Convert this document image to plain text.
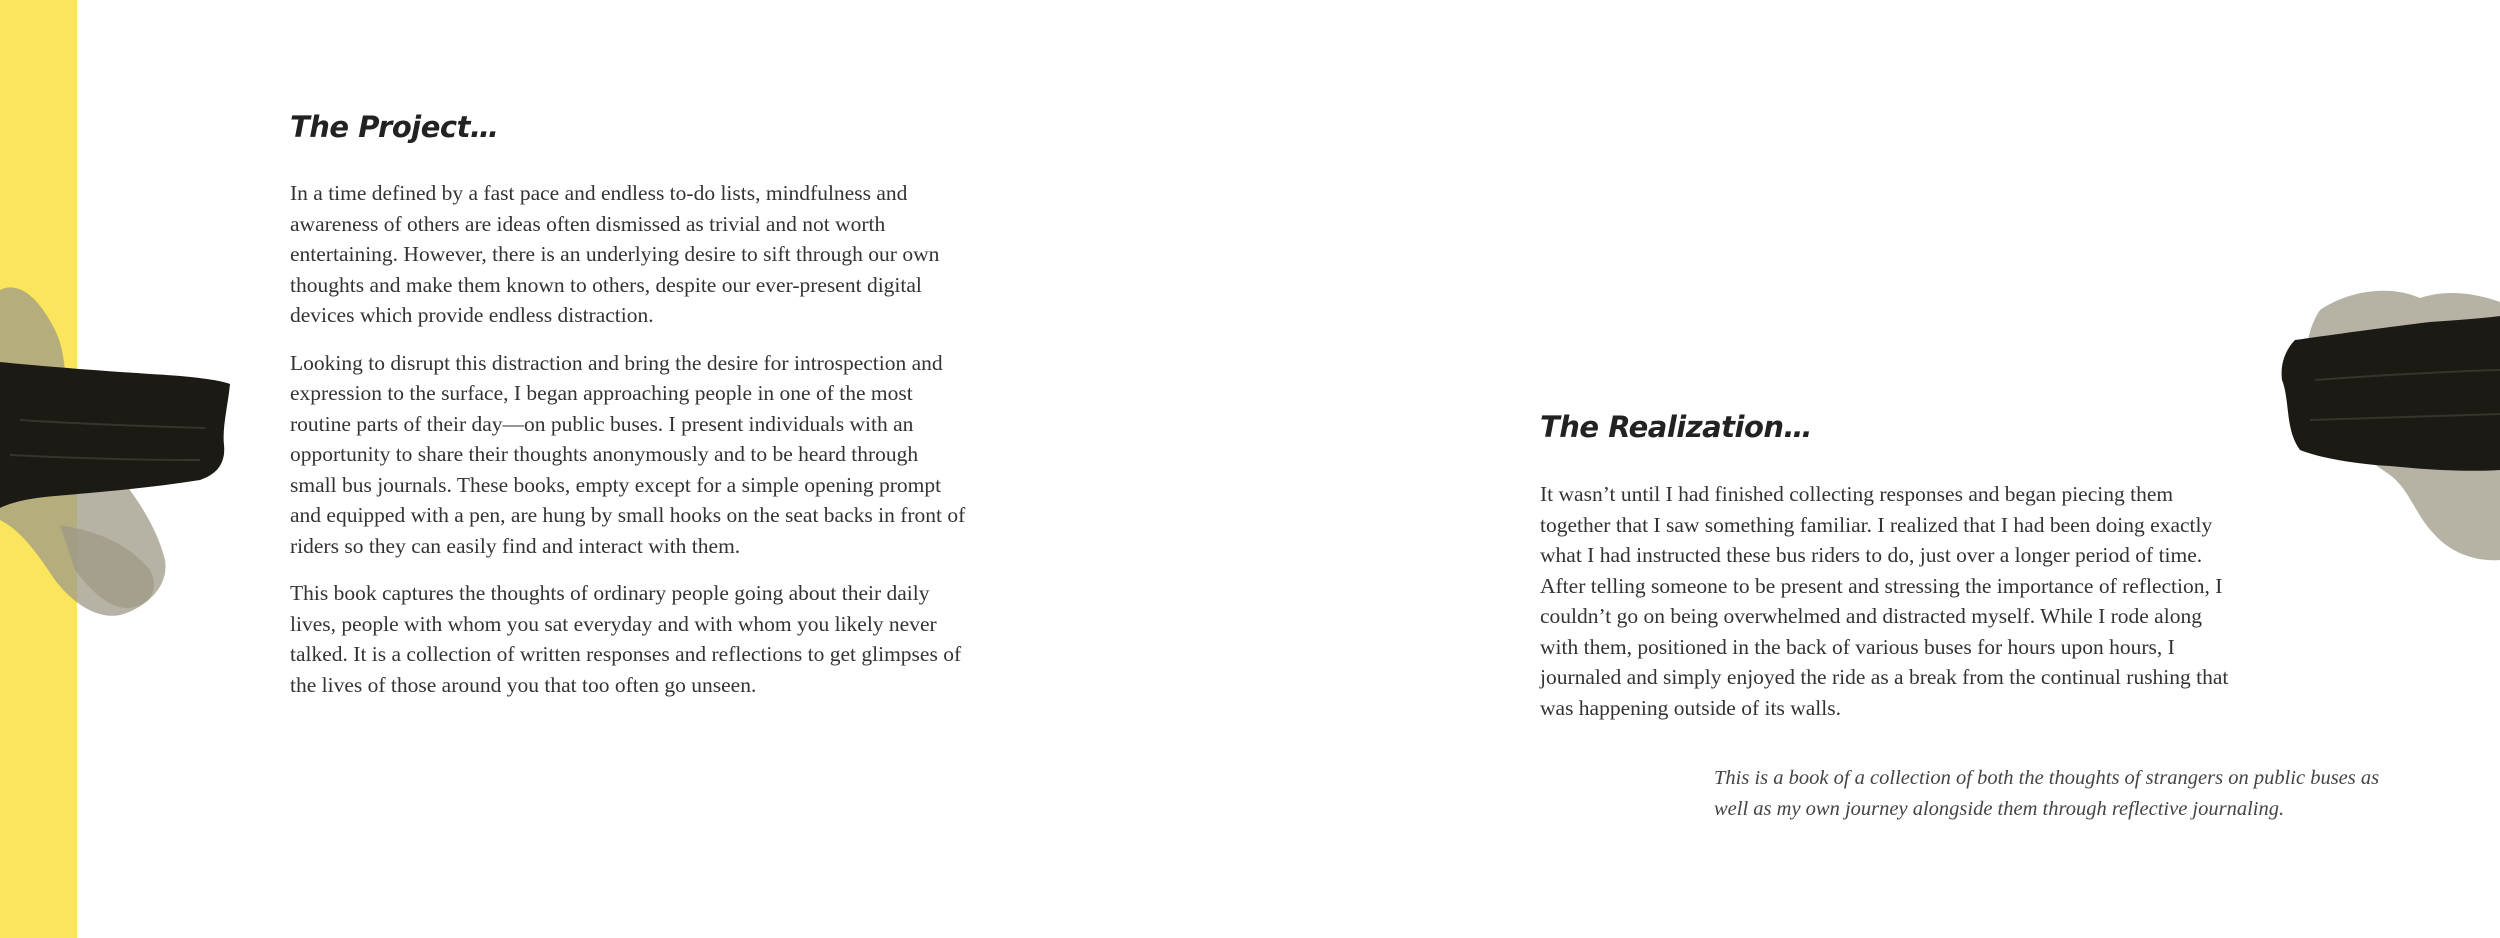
The Project…

In a time defined by a fast pace and endless to-do lists, mindfulness and awareness of others are ideas often dismissed as trivial and not worth entertaining. However, there is an underlying desire to sift through our own thoughts and make them known to others, despite our ever-present digital devices which provide endless distraction.

Looking to disrupt this distraction and bring the desire for introspection and expression to the surface, I began approaching people in one of the most routine parts of their day—on public buses. I present individuals with an opportunity to share their thoughts anonymously and to be heard through small bus journals. These books, empty except for a simple opening prompt and equipped with a pen, are hung by small hooks on the seat backs in front of riders so they can easily find and interact with them.

This book captures the thoughts of ordinary people going about their daily lives, people with whom you sat everyday and with whom you likely never talked. It is a collection of written responses and reflections to get glimpses of the lives of those around you that too often go unseen.

The Realization…

It wasn’t until I had finished collecting responses and began piecing them together that I saw something familiar. I realized that I had been doing exactly what I had instructed these bus riders to do, just over a longer period of time. After telling someone to be present and stressing the importance of reflection, I couldn’t go on being overwhelmed and distracted myself. While I rode along with them, positioned in the back of various buses for hours upon hours, I journaled and simply enjoyed the ride as a break from the continual rushing that was happening outside of its walls.

This is a book of a collection of both the thoughts of strangers on public buses as well as my own journey alongside them through reflective journaling.
